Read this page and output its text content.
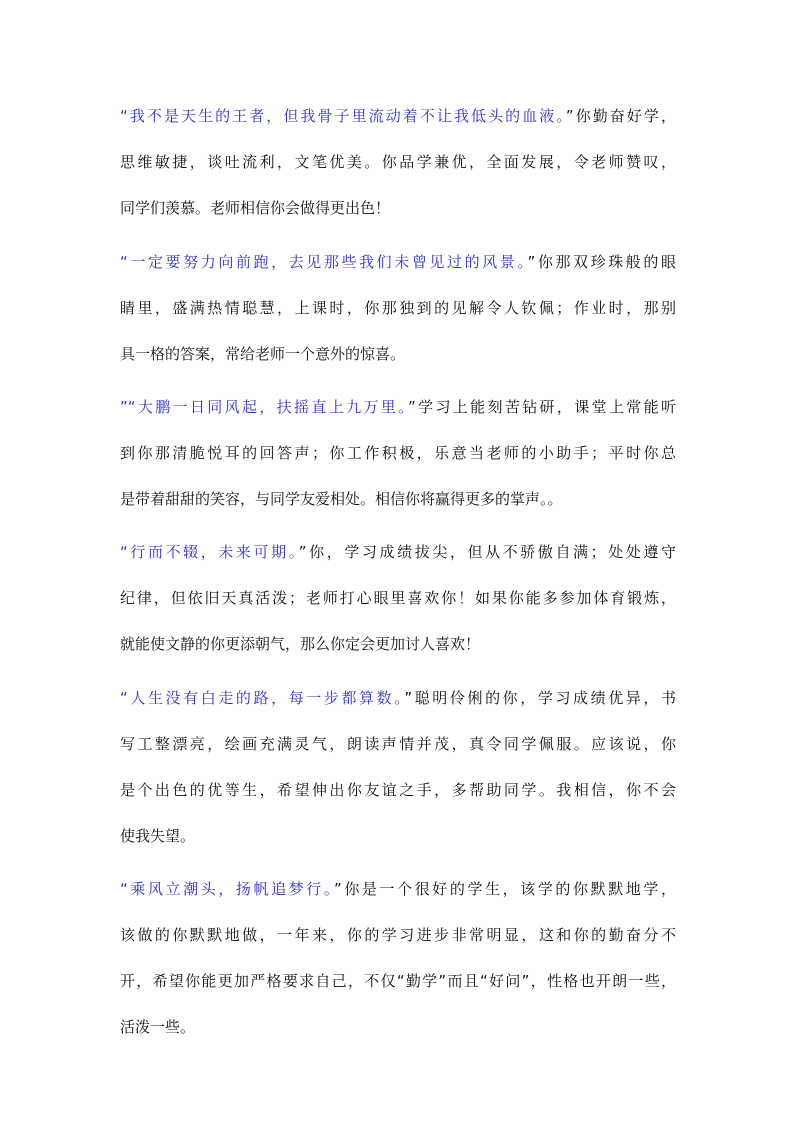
“我不是天生的王者，但我骨子里流动着不让我低头的血液。”你勤奋好学，
思维敏捷，谈吐流利，文笔优美。你品学兼优，全面发展，令老师赞叹，
同学们羡慕。老师相信你会做得更出色！
“一定要努力向前跑，去见那些我们未曾见过的风景。”你那双珍珠般的眼
睛里，盛满热情聪慧，上课时，你那独到的见解令人钦佩；作业时，那别
具一格的答案，常给老师一个意外的惊喜。
”“大鹏一日同风起，扶摇直上九万里。”学习上能刻苦钻研，课堂上常能听
到你那清脆悦耳的回答声；你工作积极，乐意当老师的小助手；平时你总
是带着甜甜的笑容，与同学友爱相处。相信你将赢得更多的掌声。。
“行而不辍，未来可期。”你，学习成绩拔尖，但从不骄傲自满；处处遵守
纪律，但依旧天真活泼；老师打心眼里喜欢你！如果你能多参加体育锻炼，
就能使文静的你更添朝气，那么你定会更加讨人喜欢！
“人生没有白走的路，每一步都算数。”聪明伶俐的你，学习成绩优异，书
写工整漂亮，绘画充满灵气，朗读声情并茂，真令同学佩服。应该说，你
是个出色的优等生，希望伸出你友谊之手，多帮助同学。我相信，你不会
使我失望。
“乘风立潮头，扬帆追梦行。”你是一个很好的学生，该学的你默默地学，
该做的你默默地做，一年来，你的学习进步非常明显，这和你的勤奋分不
开，希望你能更加严格要求自己，不仅“勤学”而且“好问”，性格也开朗一些，
活泼一些。
